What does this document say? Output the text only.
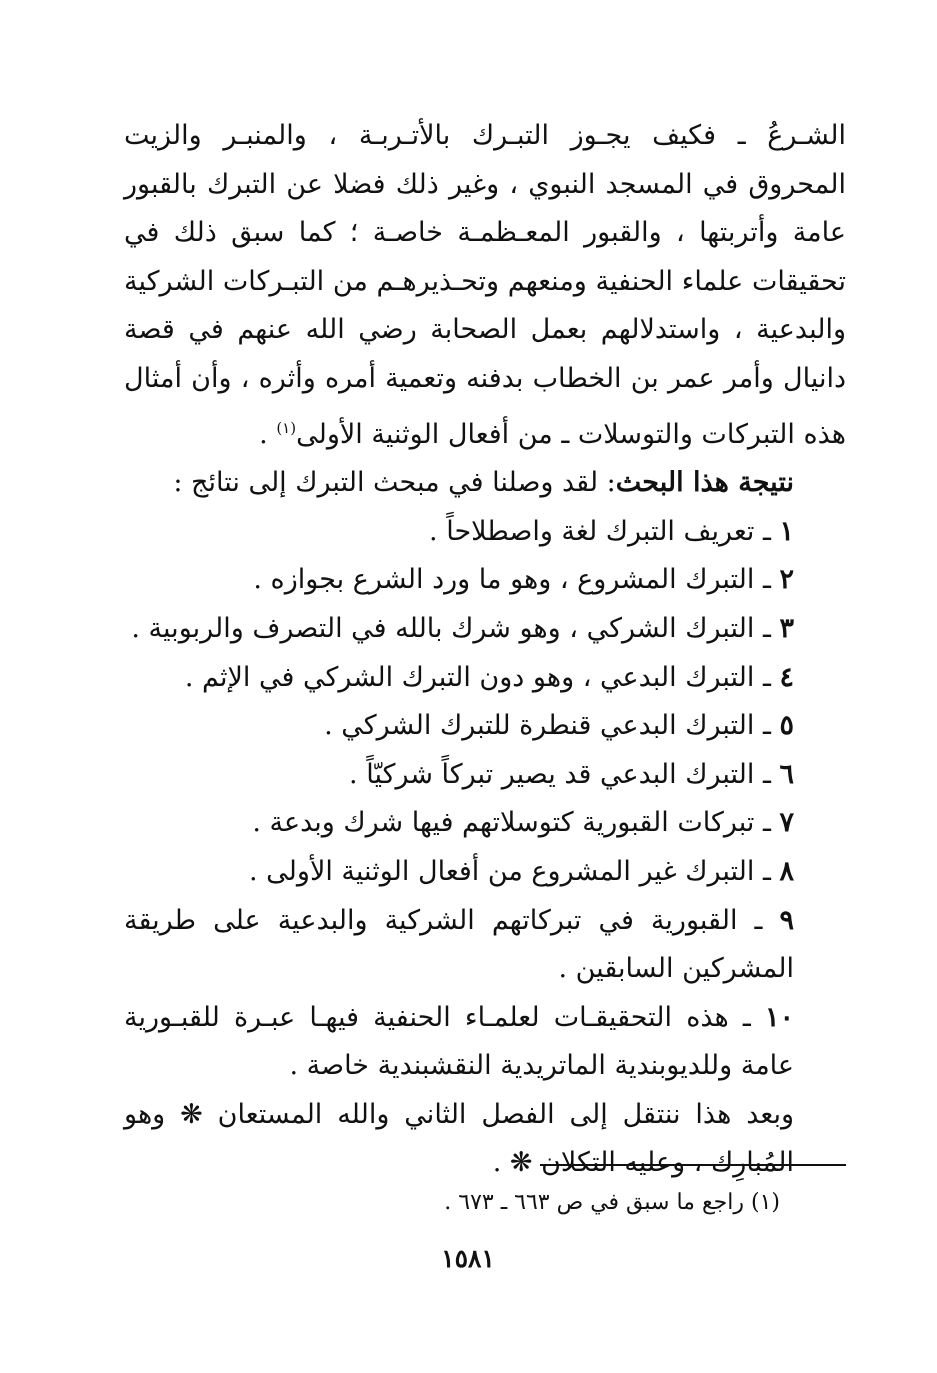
الشـرعُ ـ فكيف يجـوز التبـرك بالأتـربـة ، والمنبـر والزيت المحروق في المسجد النبوي ، وغير ذلك فضلا عن التبرك بالقبور عامة وأتربتها ، والقبور المعـظمـة خاصـة ؛ كما سبق ذلك في تحقيقات علماء الحنفية ومنعهم وتحـذيرهـم من التبـركات الشركية والبدعية ، واستدلالهم بعمل الصحابة رضي الله عنهم في قصة دانيال وأمر عمر بن الخطاب بدفنه وتعمية أمره وأثره ، وأن أمثال هذه التبركات والتوسلات ـ من أفعال الوثنية الأولى$^{(١)}$ .

نتيجة هذا البحث: لقد وصلنا في مبحث التبرك إلى نتائج :

١ ـ تعريف التبرك لغة واصطلاحاً .

٢ ـ التبرك المشروع ، وهو ما ورد الشرع بجوازه .

٣ ـ التبرك الشركي ، وهو شرك بالله في التصرف والربوبية .

٤ ـ التبرك البدعي ، وهو دون التبرك الشركي في الإثم .

٥ ـ التبرك البدعي قنطرة للتبرك الشركي .

٦ ـ التبرك البدعي قد يصير تبركاً شركيّاً .

٧ ـ تبركات القبورية كتوسلاتهم فيها شرك وبدعة .

٨ ـ التبرك غير المشروع من أفعال الوثنية الأولى .

٩ ـ القبورية في تبركاتهم الشركية والبدعية على طريقة المشركين السابقين .

١٠ ـ هذه التحقيقـات لعلمـاء الحنفية فيهـا عبـرة للقبـورية عامة وللديوبندية الماتريدية النقشبندية خاصة .

وبعد هذا ننتقل إلى الفصل الثاني والله المستعان ❋ وهو المُبارِك ، وعليه التكلان ❋ .

(١) راجع ما سبق في ص ٦٦٣ ـ ٦٧٣ .
١٥٨١
